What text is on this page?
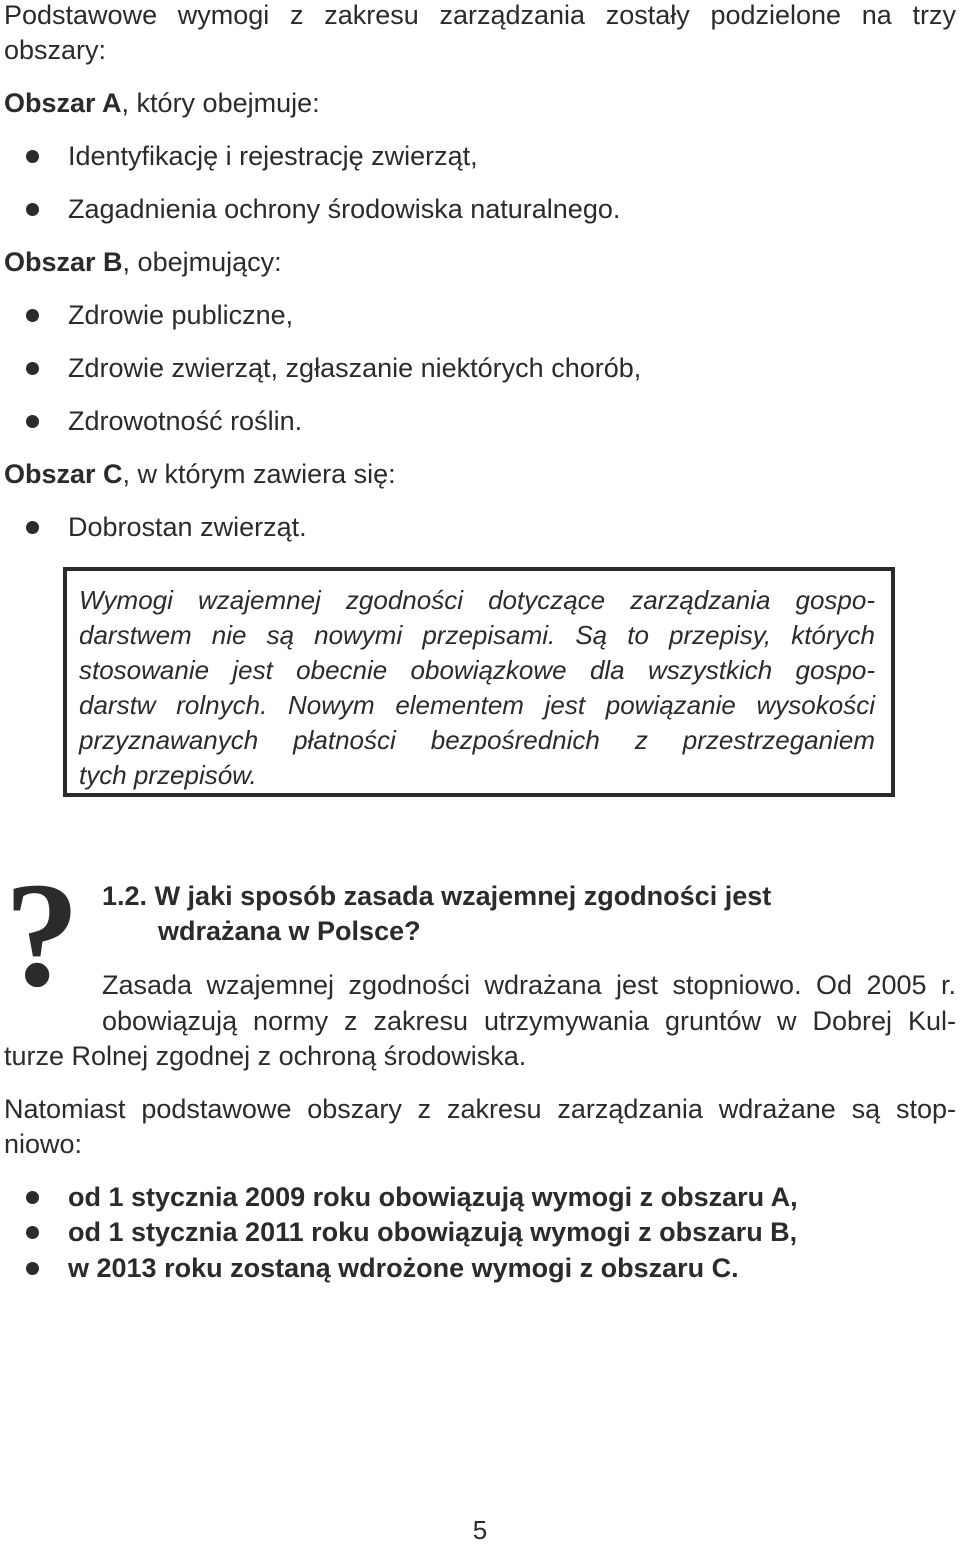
Podstawowe wymogi z zakresu zarządzania zostały podzielone na trzy
obszary:
Obszar A, który obejmuje:
Identyfikację i rejestrację zwierząt,
Zagadnienia ochrony środowiska naturalnego.
Obszar B, obejmujący:
Zdrowie publiczne,
Zdrowie zwierząt, zgłaszanie niektórych chorób,
Zdrowotność roślin.
Obszar C, w którym zawiera się:
Dobrostan zwierząt.
Wymogi wzajemnej zgodności dotyczące zarządzania gospo-
darstwem nie są nowymi przepisami. Są to przepisy, których
stosowanie jest obecnie obowiązkowe dla wszystkich gospo-
darstw rolnych. Nowym elementem jest powiązanie wysokości
przyznawanych płatności bezpośrednich z przestrzeganiem
tych przepisów.
? 1.2. W jaki sposób zasada wzajemnej zgodności jest
wdrażana w Polsce?
Zasada wzajemnej zgodności wdrażana jest stopniowo. Od 2005 r.
obowiązują normy z zakresu utrzymywania gruntów w Dobrej Kul-
turze Rolnej zgodnej z ochroną środowiska.
Natomiast podstawowe obszary z zakresu zarządzania wdrażane są stop-
niowo:
od 1 stycznia 2009 roku obowiązują wymogi z obszaru A,
od 1 stycznia 2011 roku obowiązują wymogi z obszaru B,
w 2013 roku zostaną wdrożone wymogi z obszaru C.
5
